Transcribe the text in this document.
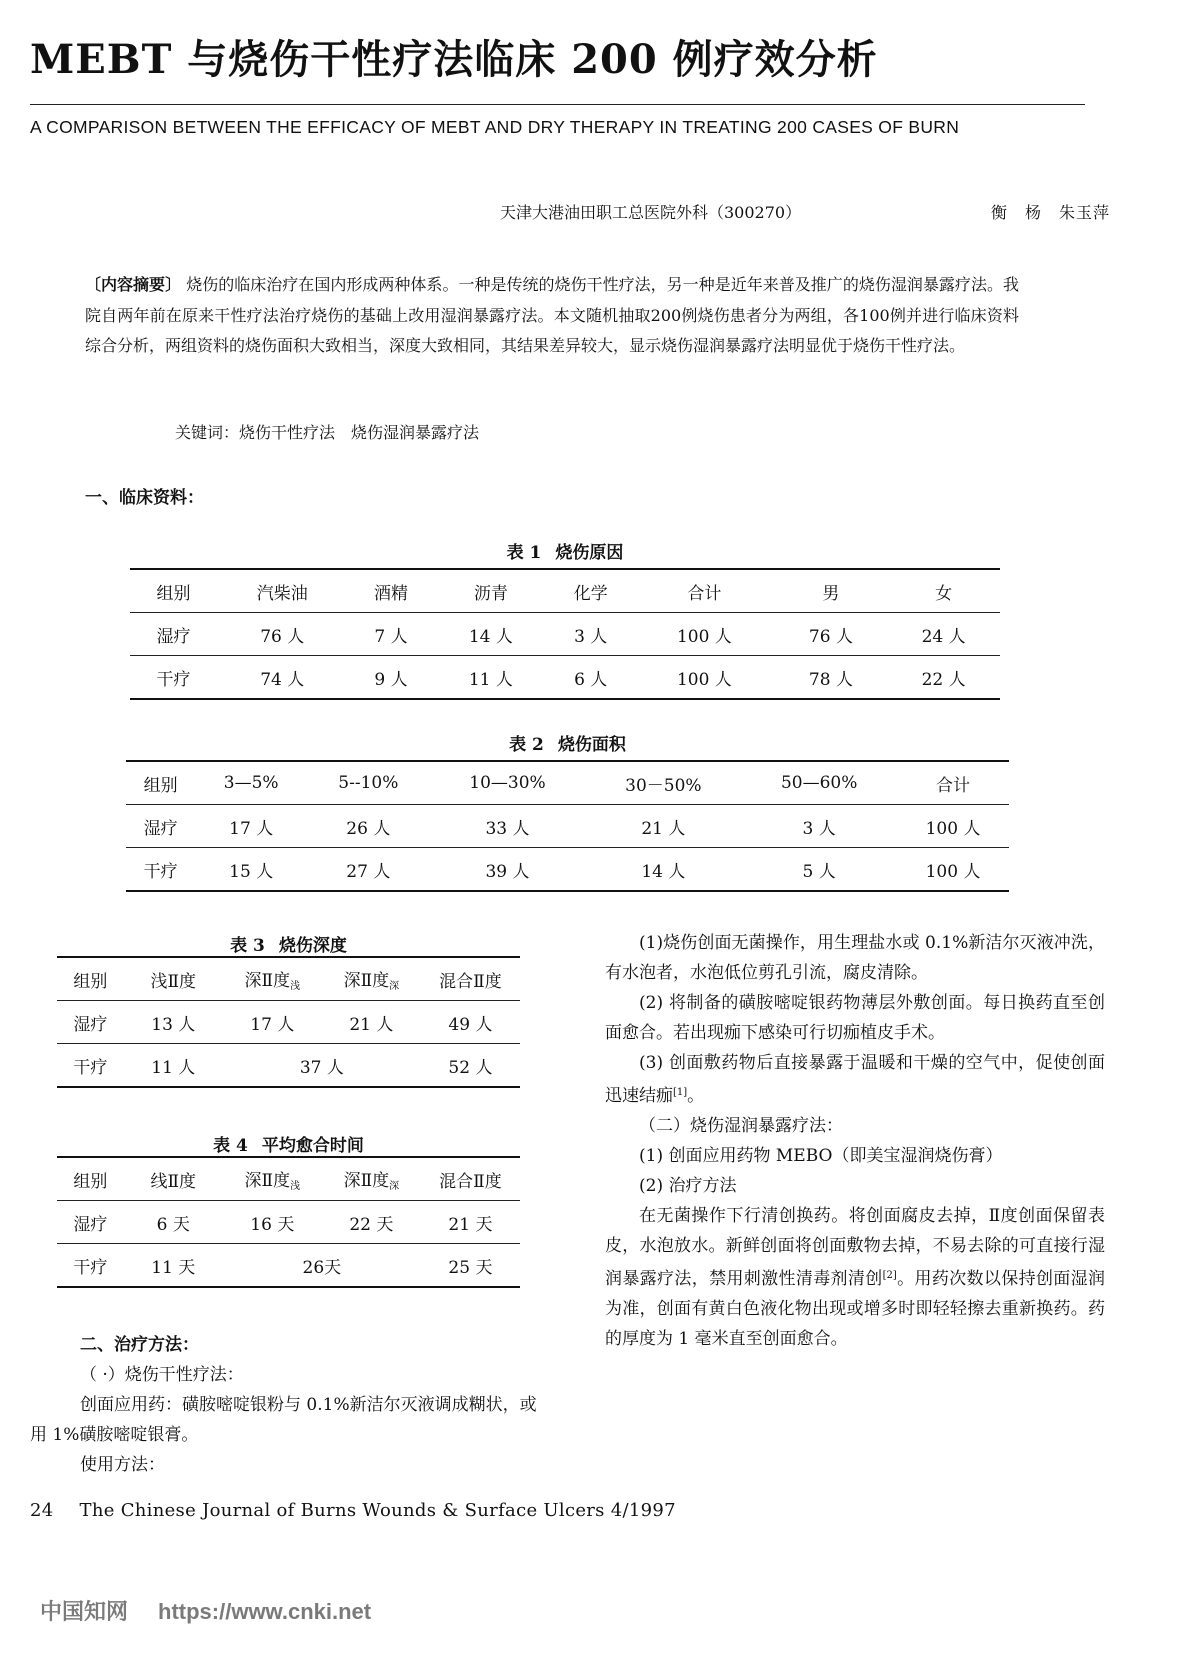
MEBT 与烧伤干性疗法临床 200 例疗效分析
A COMPARISON BETWEEN THE EFFICACY OF MEBT AND DRY THERAPY IN TREATING 200 CASES OF BURN
天津大港油田职工总医院外科（300270）	衡　杨　朱玉萍
〔内容摘要〕 烧伤的临床治疗在国内形成两种体系。一种是传统的烧伤干性疗法，另一种是近年来普及推广的烧伤湿润暴露疗法。我院自两年前在原来干性疗法治疗烧伤的基础上改用湿润暴露疗法。本文随机抽取200例烧伤患者分为两组，各100例并进行临床资料综合分析，两组资料的烧伤面积大致相当，深度大致相同，其结果差异较大，显示烧伤湿润暴露疗法明显优于烧伤干性疗法。
关键词：烧伤干性疗法　烧伤湿润暴露疗法
一、临床资料：
表 1 烧伤原因
组别	汽柴油	酒精	沥青	化学	合计	男	女
湿疗	76 人	7 人	14 人	3 人	100 人	76 人	24 人
干疗	74 人	9 人	11 人	6 人	100 人	78 人	22 人
表 2 烧伤面积
组别	3—5%	5--10%	10—30%	30－50%	50—60%	合计
湿疗	17 人	26 人	33 人	21 人	3 人	100 人
干疗	15 人	27 人	39 人	14 人	5 人	100 人
表 3 烧伤深度
组别	浅Ⅱ度	深Ⅱ度$_浅$	深Ⅱ度$_深$	混合Ⅱ度
湿疗	13 人	17 人	21 人	49 人
干疗	11 人	37 人		52 人
表 4 平均愈合时间
组别	线Ⅱ度	深Ⅱ度$_浅$	深Ⅱ度$_深$	混合Ⅱ度
湿疗	6 天	16 天	22 天	21 天
干疗	11 天	26天		25 天

二、治疗方法：

（ ·）烧伤干性疗法：

创面应用药：磺胺嘧啶银粉与 0.1%新洁尔灭液调成糊状，或用 1%磺胺嘧啶银膏。

使用方法：

(1)烧伤创面无菌操作，用生理盐水或 0.1%新洁尔灭液冲洗，有水泡者，水泡低位剪孔引流，腐皮清除。

(2) 将制备的磺胺嘧啶银药物薄层外敷创面。每日换药直至创面愈合。若出现痂下感染可行切痂植皮手术。

(3) 创面敷药物后直接暴露于温暖和干燥的空气中，促使创面迅速结痂[1]。

（二）烧伤湿润暴露疗法：

(1) 创面应用药物 MEBO（即美宝湿润烧伤膏）

(2) 治疗方法

在无菌操作下行清创换药。将创面腐皮去掉，Ⅱ度创面保留表皮，水泡放水。新鲜创面将创面敷物去掉，不易去除的可直接行湿润暴露疗法，禁用刺激性清毒剂清创[2]。用药次数以保持创面湿润为准，创面有黄白色液化物出现或增多时即轻轻擦去重新换药。药的厚度为 1 毫米直至创面愈合。

24 The Chinese Journal of Burns Wounds & Surface Ulcers 4/1997
中国知网 https://www.cnki.net
